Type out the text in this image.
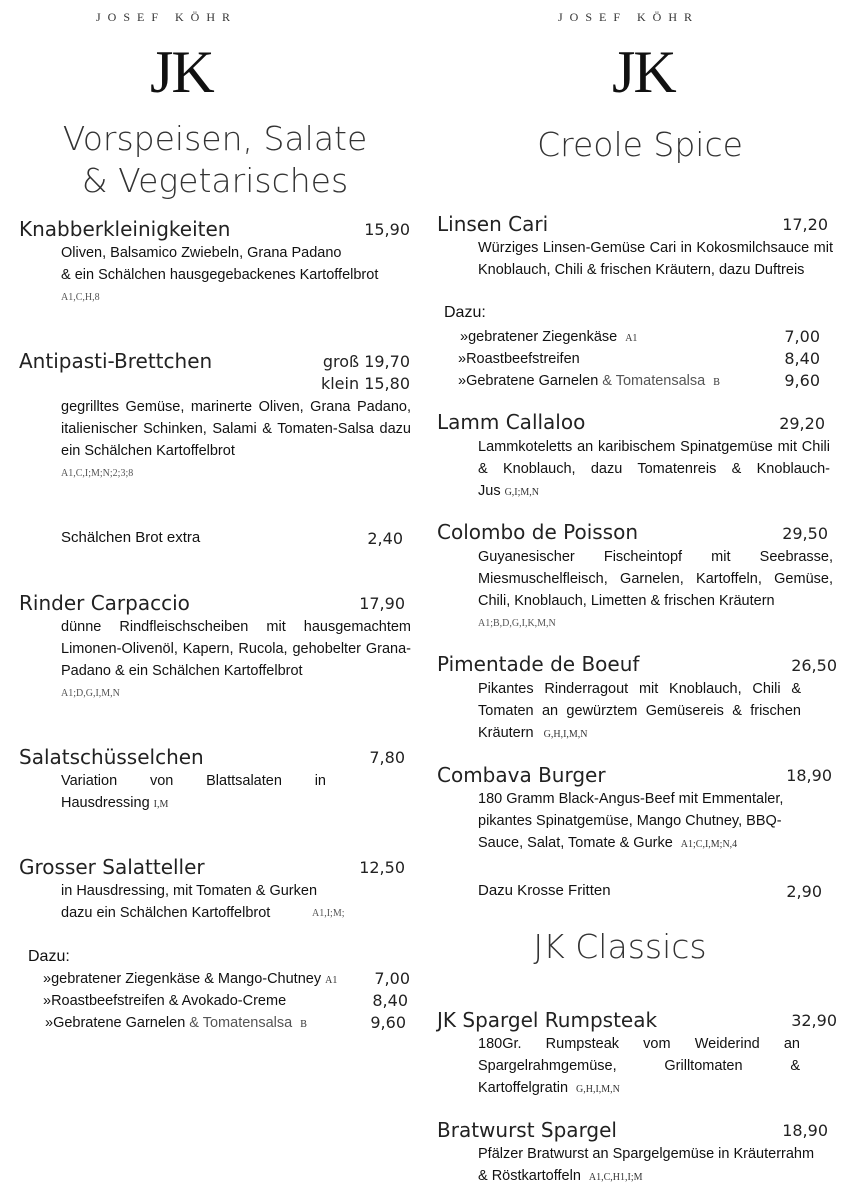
JOSEF KÖHR
JK
Vorspeisen, Salate
& Vegetarisches
JOSEF KÖHR
JK
Creole Spice
Knabberkleinigkeiten	15,90
Oliven, Balsamico Zwiebeln, Grana Padano
& ein Schälchen hausgegebackenes Kartoffelbrot
A1,C,H,8
Antipasti-Brettchen	groß 19,70
klein 15,80
gegrilltes Gemüse, marinerte Oliven, Grana Padano, italienischer Schinken, Salami & Tomaten-Salsa dazu ein Schälchen Kartoffelbrot
A1,C,I;M;N;2;3;8
Schälchen Brot extra	2,40
Rinder Carpaccio	17,90
dünne Rindfleischscheiben mit hausgemachtem Limonen-Olivenöl, Kapern, Rucola, gehobelter Grana-Padano & ein Schälchen Kartoffelbrot
A1;D,G,I,M,N
Salatschüsselchen	7,80
Variation von Blattsalaten in
Hausdressing I,M
Grosser Salatteller	12,50
in Hausdressing, mit Tomaten & Gurken
dazu ein Schälchen Kartoffelbrot	A1,I;M;
Dazu:
»gebratener Ziegenkäse & Mango-Chutney A1	7,00
»Roastbeefstreifen & Avokado-Creme	8,40
»Gebratene Garnelen & Tomatensalsa B	9,60
Linsen Cari	17,20
Würziges Linsen-Gemüse Cari in Kokosmilchsauce mit Knoblauch, Chili & frischen Kräutern, dazu Duftreis
Dazu:
»gebratener Ziegenkäse A1	7,00
»Roastbeefstreifen	8,40
»Gebratene Garnelen & Tomatensalsa B	9,60
Lamm Callaloo	29,20
Lammkoteletts an karibischem Spinatgemüse mit Chili & Knoblauch, dazu Tomatenreis & Knoblauch-Jus G,I;M,N
Colombo de Poisson	29,50
Guyanesischer Fischeintopf mit Seebrasse, Miesmuschelfleisch, Garnelen, Kartoffeln, Gemüse, Chili, Knoblauch, Limetten & frischen Kräutern
A1;B,D,G,I,K,M,N
Pimentade de Boeuf	26,50
Pikantes Rinderragout mit Knoblauch, Chili & Tomaten an gewürztem Gemüsereis & frischen Kräutern G,H,I,M,N
Combava Burger	18,90
180 Gramm Black-Angus-Beef mit Emmentaler, pikantes Spinatgemüse, Mango Chutney, BBQ-Sauce, Salat, Tomate & Gurke A1;C,I,M;N,4
Dazu Krosse Fritten	2,90
JK Classics
JK Spargel Rumpsteak	32,90
180Gr. Rumpsteak vom Weiderind an Spargelrahmgemüse, Grilltomaten & Kartoffelgratin G,H,I,M,N
Bratwurst Spargel	18,90
Pfälzer Bratwurst an Spargelgemüse in Kräuterrahm
& Röstkartoffeln A1,C,H1,I;M
